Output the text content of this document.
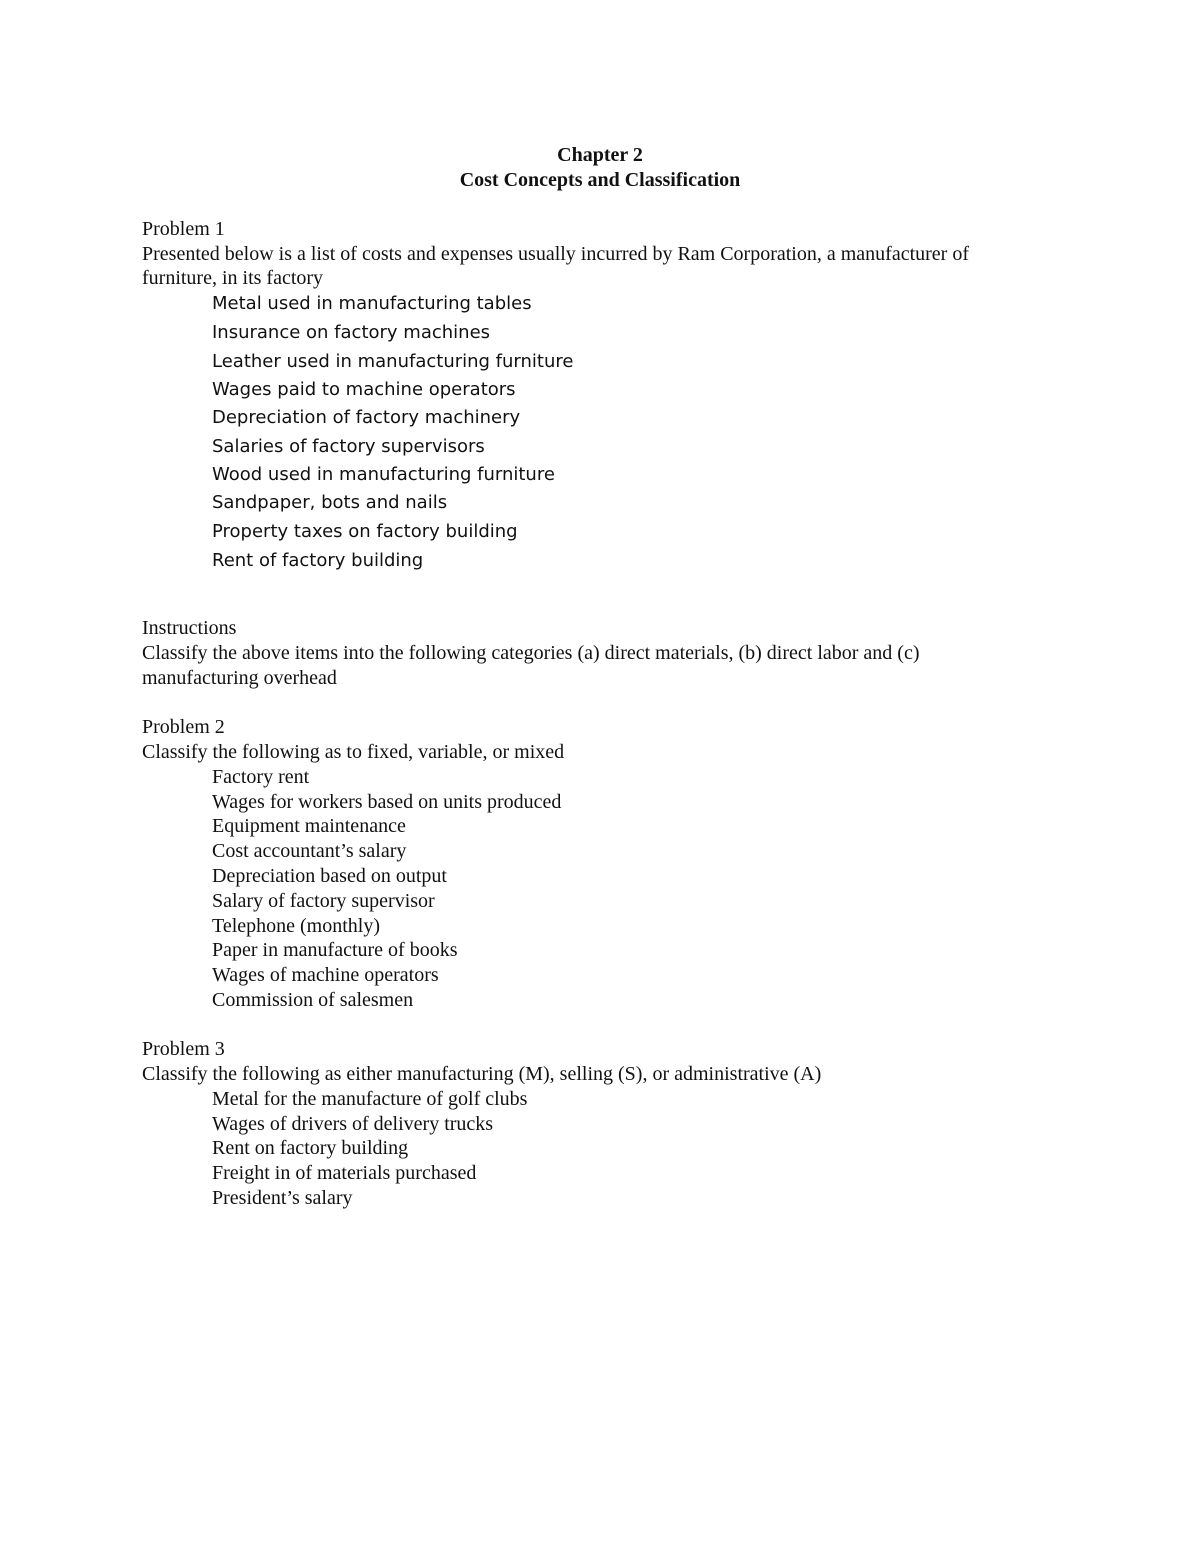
Chapter 2
Cost Concepts and Classification
Problem 1
Presented below is a list of costs and expenses usually incurred by Ram Corporation, a manufacturer of
furniture, in its factory
Metal used in manufacturing tables
Insurance on factory machines
Leather used in manufacturing furniture
Wages paid to machine operators
Depreciation of factory machinery
Salaries of factory supervisors
Wood used in manufacturing furniture
Sandpaper, bots and nails
Property taxes on factory building
Rent of factory building
Instructions
Classify the above items into the following categories (a) direct materials, (b) direct labor and (c)
manufacturing overhead
Problem 2
Classify the following as to fixed, variable, or mixed
Factory rent
Wages for workers based on units produced
Equipment maintenance
Cost accountant’s salary
Depreciation based on output
Salary of factory supervisor
Telephone (monthly)
Paper in manufacture of books
Wages of machine operators
Commission of salesmen
Problem 3
Classify the following as either manufacturing (M), selling (S), or administrative (A)
Metal for the manufacture of golf clubs
Wages of drivers of delivery trucks
Rent on factory building
Freight in of materials purchased
President’s salary
